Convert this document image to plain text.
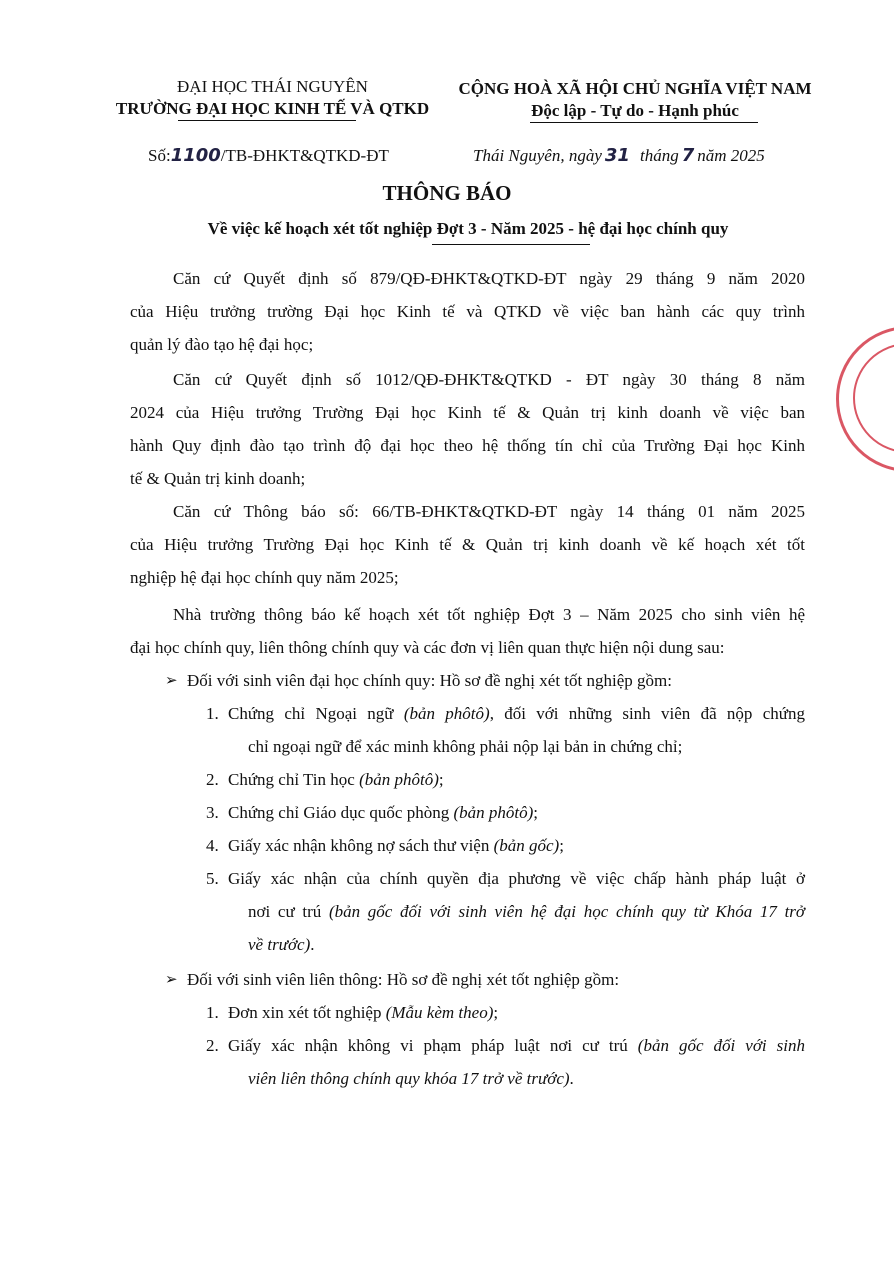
ĐẠI HỌC THÁI NGUYÊN
TRƯỜNG ĐẠI HỌC KINH TẾ VÀ QTKD
CỘNG HOÀ XÃ HỘI CHỦ NGHĨA VIỆT NAM
Độc lập - Tự do - Hạnh phúc
Số:1100/TB-ĐHKT&QTKD-ĐT	Thái Nguyên, ngày 31 tháng 7 năm 2025
THÔNG BÁO
Về việc kế hoạch xét tốt nghiệp Đợt 3 - Năm 2025 - hệ đại học chính quy

Căn cứ Quyết định số 879/QĐ-ĐHKT&QTKD-ĐT ngày 29 tháng 9 năm 2020
của Hiệu trưởng trường Đại học Kinh tế và QTKD về việc ban hành các quy trình
quản lý đào tạo hệ đại học;

Căn cứ Quyết định số 1012/QĐ-ĐHKT&QTKD - ĐT ngày 30 tháng 8 năm
2024 của Hiệu trưởng Trường Đại học Kinh tế & Quản trị kinh doanh về việc ban
hành Quy định đào tạo trình độ đại học theo hệ thống tín chỉ của Trường Đại học Kinh
tế & Quản trị kinh doanh;

Căn cứ Thông báo số: 66/TB-ĐHKT&QTKD-ĐT ngày 14 tháng 01 năm 2025
của Hiệu trưởng Trường Đại học Kinh tế & Quản trị kinh doanh về kế hoạch xét tốt
nghiệp hệ đại học chính quy năm 2025;

Nhà trường thông báo kế hoạch xét tốt nghiệp Đợt 3 – Năm 2025 cho sinh viên hệ
đại học chính quy, liên thông chính quy và các đơn vị liên quan thực hiện nội dung sau:

➢ Đối với sinh viên đại học chính quy: Hồ sơ đề nghị xét tốt nghiệp gồm:
1. Chứng chỉ Ngoại ngữ (bản phôtô), đối với những sinh viên đã nộp chứng
chỉ ngoại ngữ để xác minh không phải nộp lại bản in chứng chỉ;
2. Chứng chỉ Tin học (bản phôtô);
3. Chứng chỉ Giáo dục quốc phòng (bản phôtô);
4. Giấy xác nhận không nợ sách thư viện (bản gốc);
5. Giấy xác nhận của chính quyền địa phương về việc chấp hành pháp luật ở
nơi cư trú (bản gốc đối với sinh viên hệ đại học chính quy từ Khóa 17 trở
về trước).
➢ Đối với sinh viên liên thông: Hồ sơ đề nghị xét tốt nghiệp gồm:
1. Đơn xin xét tốt nghiệp (Mẫu kèm theo);
2. Giấy xác nhận không vi phạm pháp luật nơi cư trú (bản gốc đối với sinh
viên liên thông chính quy khóa 17 trở về trước).
